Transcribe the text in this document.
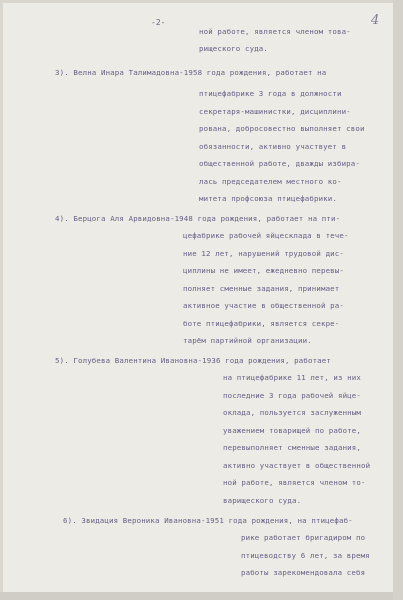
-2-	4
ной работе, является членом това-
рищеского суда.
3). Велна Инара Талимадовна-1958 года рождения, работает на
птицефабрике 3 года в должности
секретаря-машинистки, дисциплини-
рована, добросовестно выполняет свои
обязанности, активно участвует в
общественной работе, дважды избира-
лась председателем местного ко-
митета профсоюза птицефабрики.
4). Берцога Аля Арвидовна-1948 года рождения, работает на пти-
цефабрике рабочей яйцесклада в тече-
ние 12 лет, нарушений трудовой дис-
циплины не имеет, ежедневно перевы-
полняет сменные задания, принимает
активное участие в общественной ра-
боте птицефабрики, является секре-
тарём партийной организации.
5). Голубева Валентина Ивановна-1936 года рождения, работает
на птицефабрике 11 лет, из них
последние 3 года рабочей яйце-
оклада, пользуется заслуженным
уважением товарищей по работе,
перевыполняет сменные задания,
активно участвует в общественной
ной работе, является членом то-
варищеского суда.
6). Звидация Вероника Ивановна-1951 года рождения, на птицефаб-
рике работает бригадиром по
птицеводству 6 лет, за время
работы зарекомендовала себя
